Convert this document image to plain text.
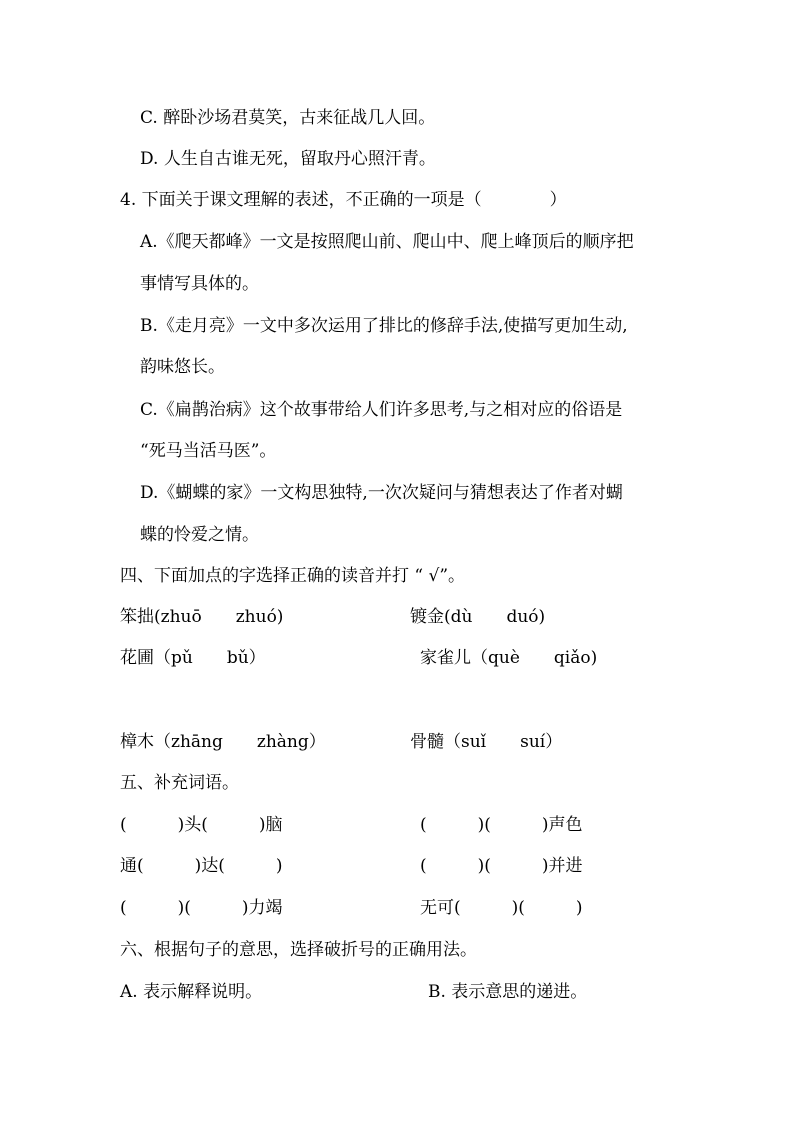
C. 醉卧沙场君莫笑，古来征战几人回。
D. 人生自古谁无死，留取丹心照汗青。
4. 下面关于课文理解的表述，不正确的一项是（　　　　）
A.《爬天都峰》一文是按照爬山前、爬山中、爬上峰顶后的顺序把
事情写具体的。
B.《走月亮》一文中多次运用了排比的修辞手法,使描写更加生动,
韵味悠长。
C.《扁鹊治病》这个故事带给人们许多思考,与之相对应的俗语是
“死马当活马医”。
D.《蝴蝶的家》一文构思独特,一次次疑问与猜想表达了作者对蝴
蝶的怜爱之情。
四、下面加点的字选择正确的读音并打 “ √”。
笨拙(zhuō　　zhuó)	镀金(dù　　duó)
花圃（pǔ　　bǔ）	家雀儿（què　　qiǎo)
樟木（zhāng　　zhàng）	骨髓（suǐ　　suí）
五、补充词语。
(　　　)头(　　　)脑	(　　　)(　　　)声色
通(　　　)达(　　　)	(　　　)(　　　)并进
(　　　)(　　　)力竭	无可(　　　)(　　　)
六、根据句子的意思，选择破折号的正确用法。
A. 表示解释说明。	B. 表示意思的递进。
